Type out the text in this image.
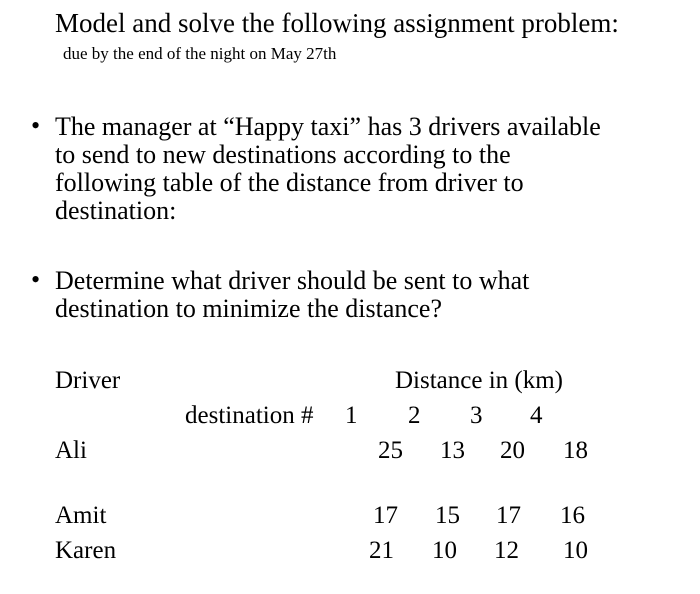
Model and solve the following assignment problem:
due by the end of the night on May 27th
• The manager at “Happy taxi” has 3 drivers available
to send to new destinations according to the
following table of the distance from driver to
destination:
• Determine what driver should be sent to what
destination to minimize the distance?
Driver	Distance in (km)
destination # 1 2 3 4
Ali	25 13 20 18
Amit	17 15 17 16
Karen	21 10 12 10
